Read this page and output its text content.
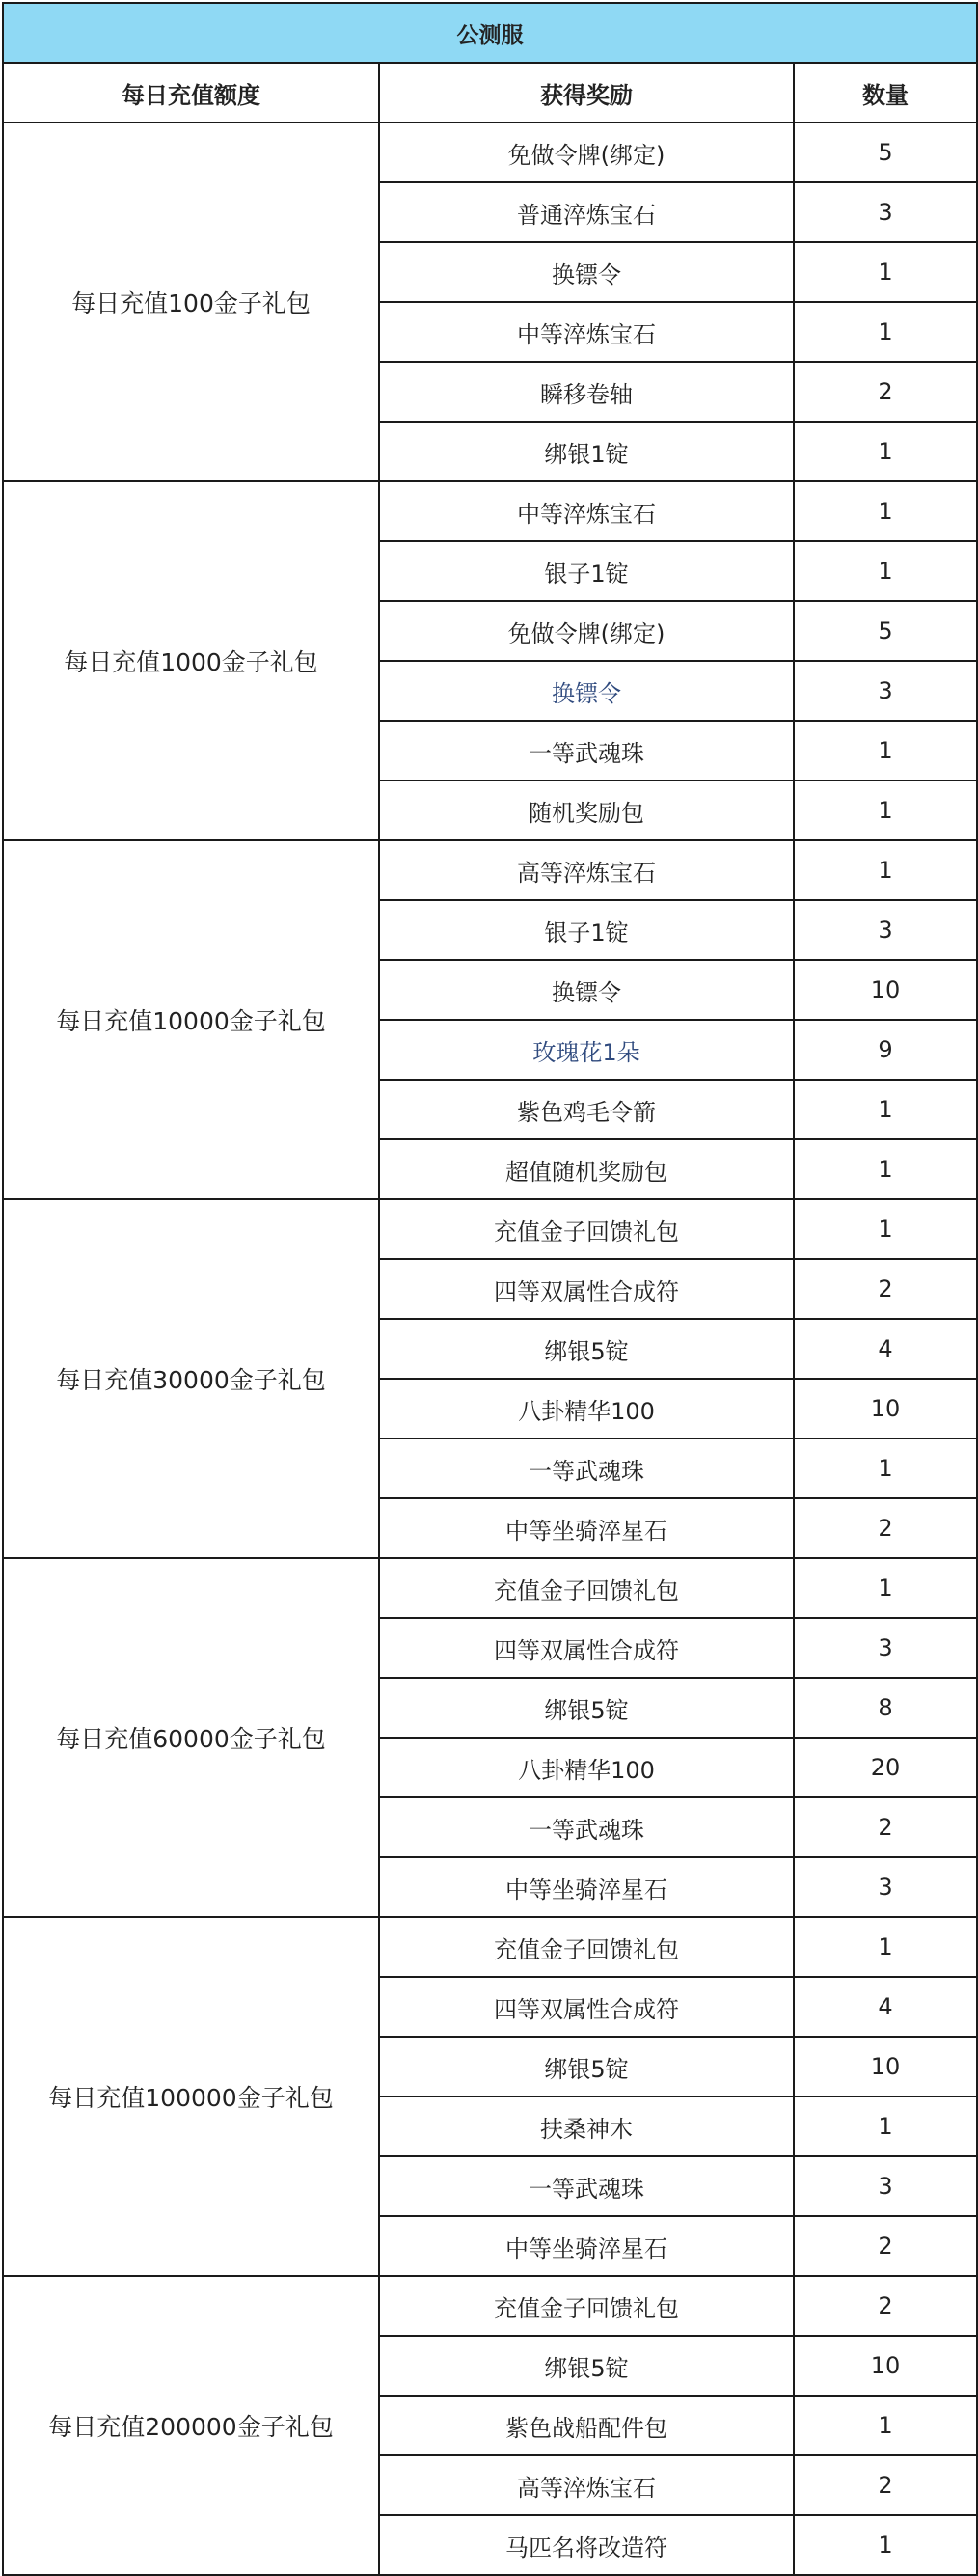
公测服		
每日充值额度	获得奖励	数量
每日充值100金子礼包	免做令牌(绑定)	5
	普通淬炼宝石	3
	换镖令	1
	中等淬炼宝石	1
	瞬移卷轴	2
	绑银1锭	1
每日充值1000金子礼包	中等淬炼宝石	1
	银子1锭	1
	免做令牌(绑定)	5
	换镖令	3
	一等武魂珠	1
	随机奖励包	1
每日充值10000金子礼包	高等淬炼宝石	1
	银子1锭	3
	换镖令	10
	玫瑰花1朵	9
	紫色鸡毛令箭	1
	超值随机奖励包	1
每日充值30000金子礼包	充值金子回馈礼包	1
	四等双属性合成符	2
	绑银5锭	4
	八卦精华100	10
	一等武魂珠	1
	中等坐骑淬星石	2
每日充值60000金子礼包	充值金子回馈礼包	1
	四等双属性合成符	3
	绑银5锭	8
	八卦精华100	20
	一等武魂珠	2
	中等坐骑淬星石	3
每日充值100000金子礼包	充值金子回馈礼包	1
	四等双属性合成符	4
	绑银5锭	10
	扶桑神木	1
	一等武魂珠	3
	中等坐骑淬星石	2
每日充值200000金子礼包	充值金子回馈礼包	2
	绑银5锭	10
	紫色战船配件包	1
	高等淬炼宝石	2
	马匹名将改造符	1
